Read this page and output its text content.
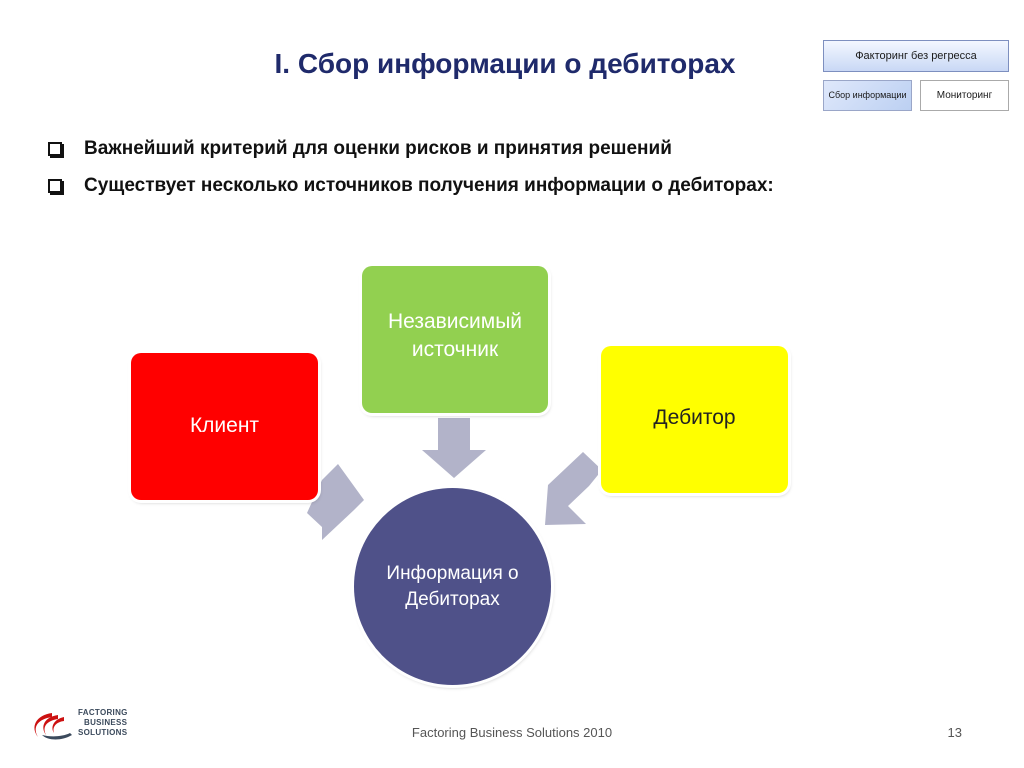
I. Сбор информации о дебиторах	Факторинг без регресса
Сбор информации	Мониторинг
Важнейший критерий для оценки рисков и принятия решений
Существует несколько источников получения информации о дебиторах:
Клиент
Независимый источник
Дебитор
Информация о Дебиторах
FACTORING
BUSINESS
SOLUTIONS	Factoring Business Solutions 2010	13
